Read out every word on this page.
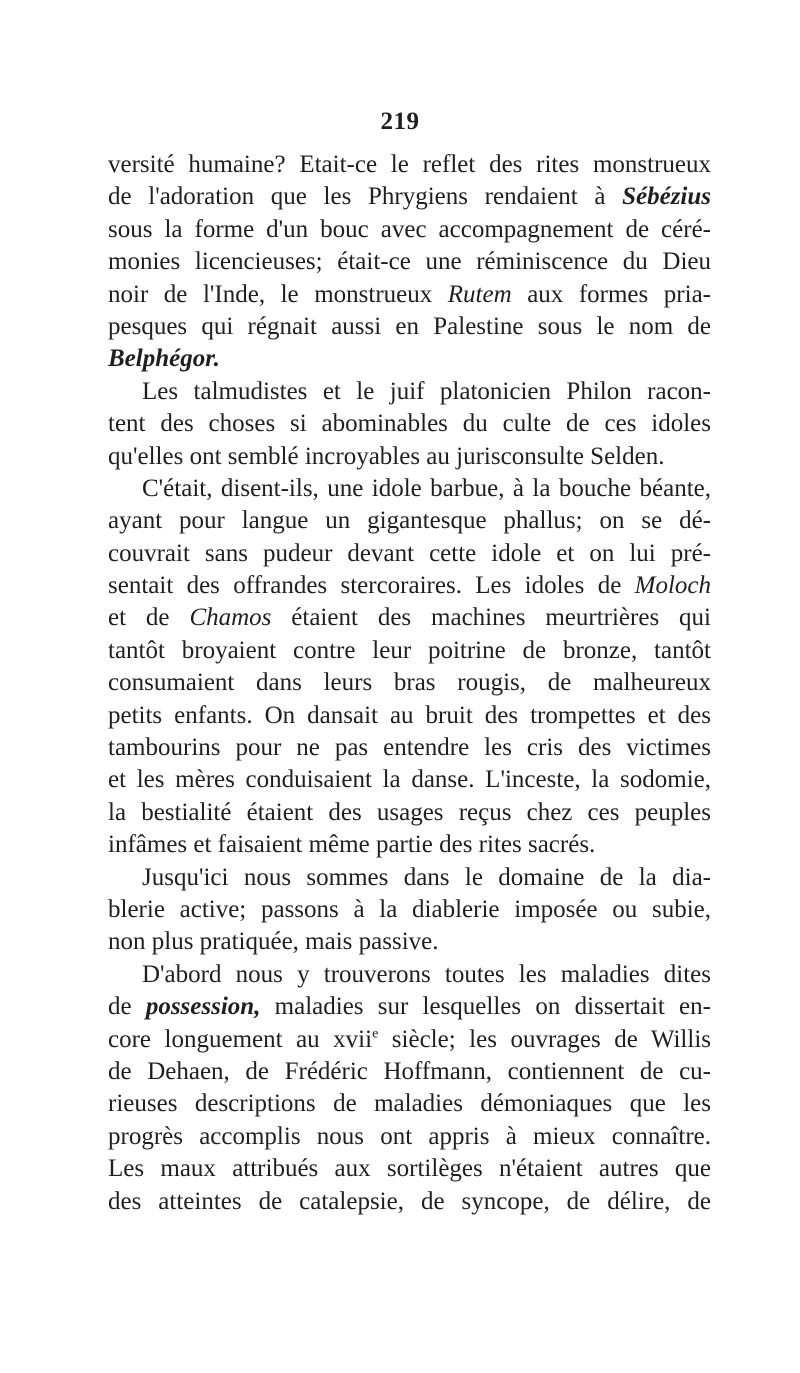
219
versité humaine? Etait-ce le reflet des rites monstrueux
de l'adoration que les Phrygiens rendaient à Sébézius
sous la forme d'un bouc avec accompagnement de céré-
monies licencieuses; était-ce une réminiscence du Dieu
noir de l'Inde, le monstrueux Rutem aux formes pria-
pesques qui régnait aussi en Palestine sous le nom de
Belphégor.
Les talmudistes et le juif platonicien Philon racon-
tent des choses si abominables du culte de ces idoles
qu'elles ont semblé incroyables au jurisconsulte Selden.
C'était, disent-ils, une idole barbue, à la bouche béante,
ayant pour langue un gigantesque phallus; on se dé-
couvrait sans pudeur devant cette idole et on lui pré-
sentait des offrandes stercoraires. Les idoles de Moloch
et de Chamos étaient des machines meurtrières qui
tantôt broyaient contre leur poitrine de bronze, tantôt
consumaient dans leurs bras rougis, de malheureux
petits enfants. On dansait au bruit des trompettes et des
tambourins pour ne pas entendre les cris des victimes
et les mères conduisaient la danse. L'inceste, la sodomie,
la bestialité étaient des usages reçus chez ces peuples
infâmes et faisaient même partie des rites sacrés.
Jusqu'ici nous sommes dans le domaine de la dia-
blerie active; passons à la diablerie imposée ou subie,
non plus pratiquée, mais passive.
D'abord nous y trouverons toutes les maladies dites
de possession, maladies sur lesquelles on dissertait en-
core longuement au xvii$^e$ siècle; les ouvrages de Willis
de Dehaen, de Frédéric Hoffmann, contiennent de cu-
rieuses descriptions de maladies démoniaques que les
progrès accomplis nous ont appris à mieux connaître.
Les maux attribués aux sortilèges n'étaient autres que
des atteintes de catalepsie, de syncope, de délire, de
